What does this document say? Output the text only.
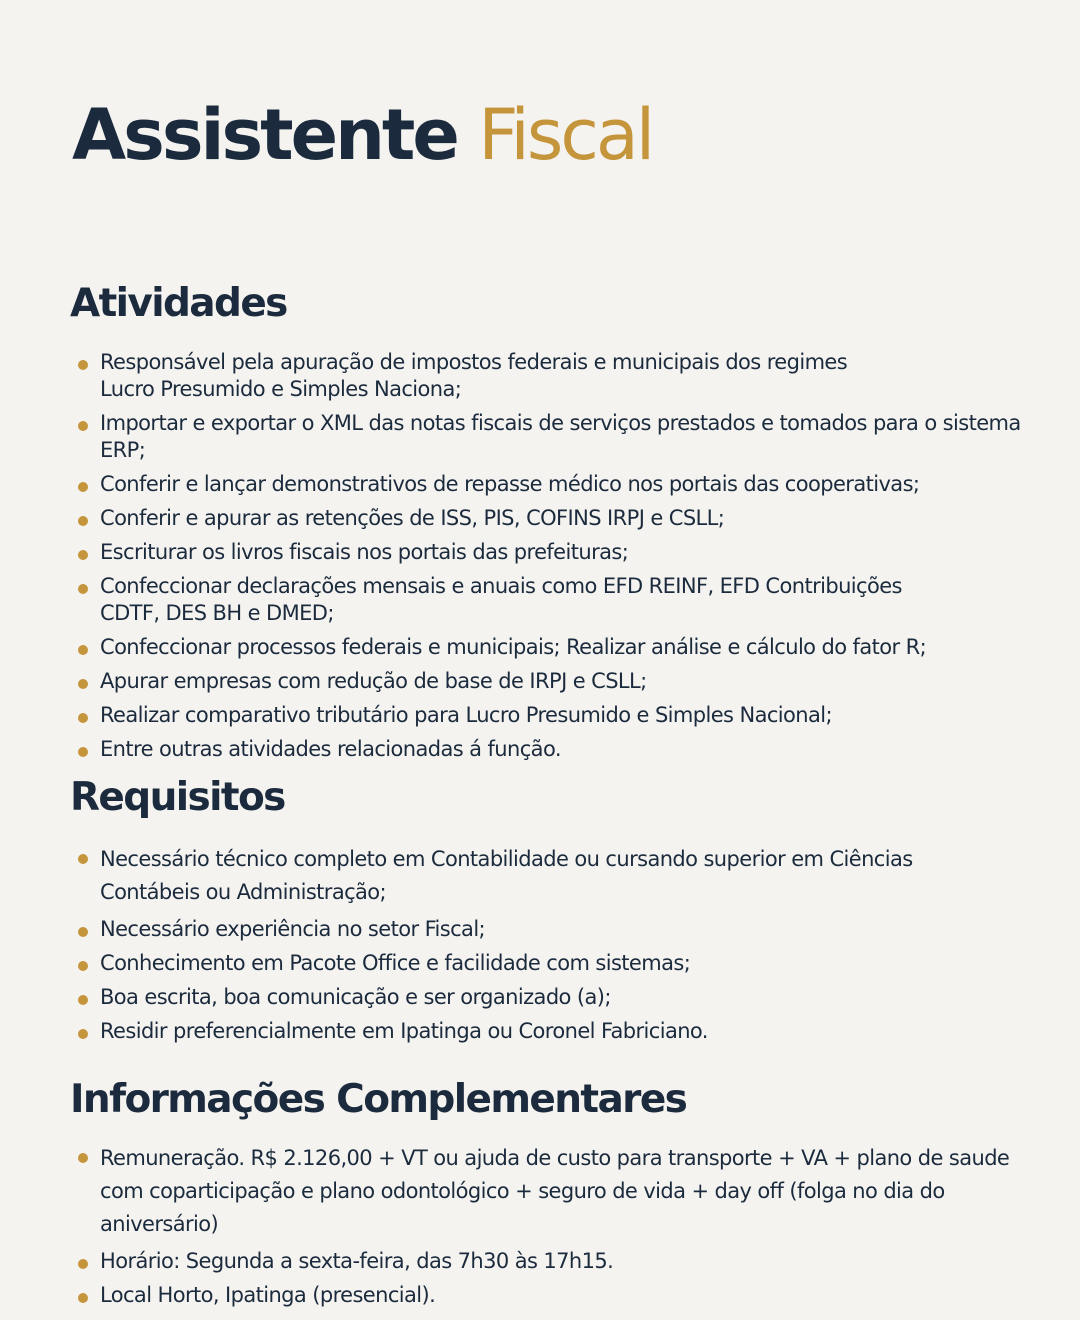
Assistente Fiscal
Atividades
Responsável pela apuração de impostos federais e municipais dos regimes Lucro Presumido e Simples Naciona;
Importar e exportar o XML das notas fiscais de serviços prestados e tomados para o sistema ERP;
Conferir e lançar demonstrativos de repasse médico nos portais das cooperativas;
Conferir e apurar as retenções de ISS, PIS, COFINS IRPJ e CSLL;
Escriturar os livros fiscais nos portais das prefeituras;
Confeccionar declarações mensais e anuais como EFD REINF, EFD Contribuições CDTF, DES BH e DMED;
Confeccionar processos federais e municipais; Realizar análise e cálculo do fator R;
Apurar empresas com redução de base de IRPJ e CSLL;
Realizar comparativo tributário para Lucro Presumido e Simples Nacional;
Entre outras atividades relacionadas á função.
Requisitos
Necessário técnico completo em Contabilidade ou cursando superior em Ciências Contábeis ou Administração;
Necessário experiência no setor Fiscal;
Conhecimento em Pacote Office e facilidade com sistemas;
Boa escrita, boa comunicação e ser organizado (a);
Residir preferencialmente em Ipatinga ou Coronel Fabriciano.
Informações Complementares
Remuneração. R$ 2.126,00 + VT ou ajuda de custo para transporte + VA + plano de saude com coparticipação e plano odontológico + seguro de vida + day off (folga no dia do aniversário)
Horário: Segunda a sexta-feira, das 7h30 às 17h15.
Local Horto, Ipatinga (presencial).
